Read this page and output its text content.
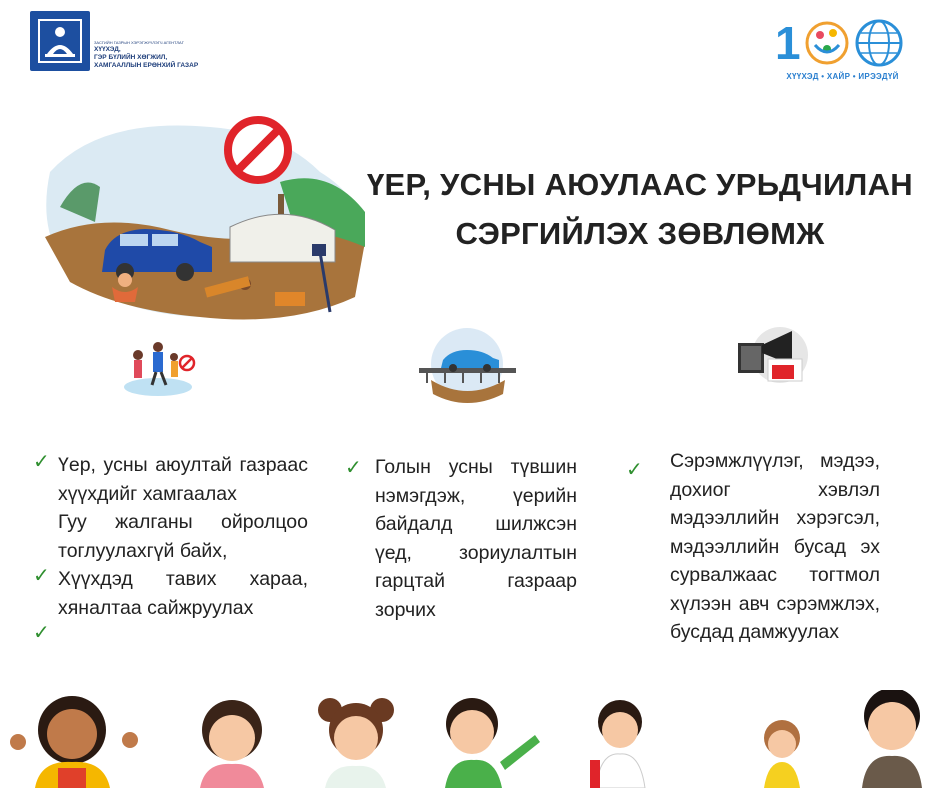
ЗАСГИЙН ГАЗРЫН ХЭРЭГЖҮҮЛЭГЧ АГЕНТЛАГ
ХҮҮХЭД,
ГЭР БҮЛИЙН ХӨГЖИЛ,
ХАМГААЛЛЫН ЕРӨНХИЙ ГАЗАР	1
ХҮҮХЭД • ХАЙР • ИРЭЭДҮЙ
ҮЕР, УСНЫ АЮУЛААС УРЬДЧИЛАН
СЭРГИЙЛЭХ ЗӨВЛӨМЖ
✓
✓
✓
✓	✓

Үер, усны аюултай газраас хүүхдийг хамгаалах

Гуу жалганы ойролцоо тоглуулахгүй байх,

Хүүхдэд тавих хараа, хяналтаа сайжруулах

Голын усны түвшин нэмэгдэж, үерийн байдалд шилжсэн үед, зориулалтын гарцтай газраар зорчих

Сэрэмжлүүлэг, мэдээ, дохиог хэвлэл мэдээллийн хэрэгсэл, мэдээллийн бусад эх сурвалжаас тогтмол хүлээн авч сэрэмжлэх, бусдад дамжуулах
